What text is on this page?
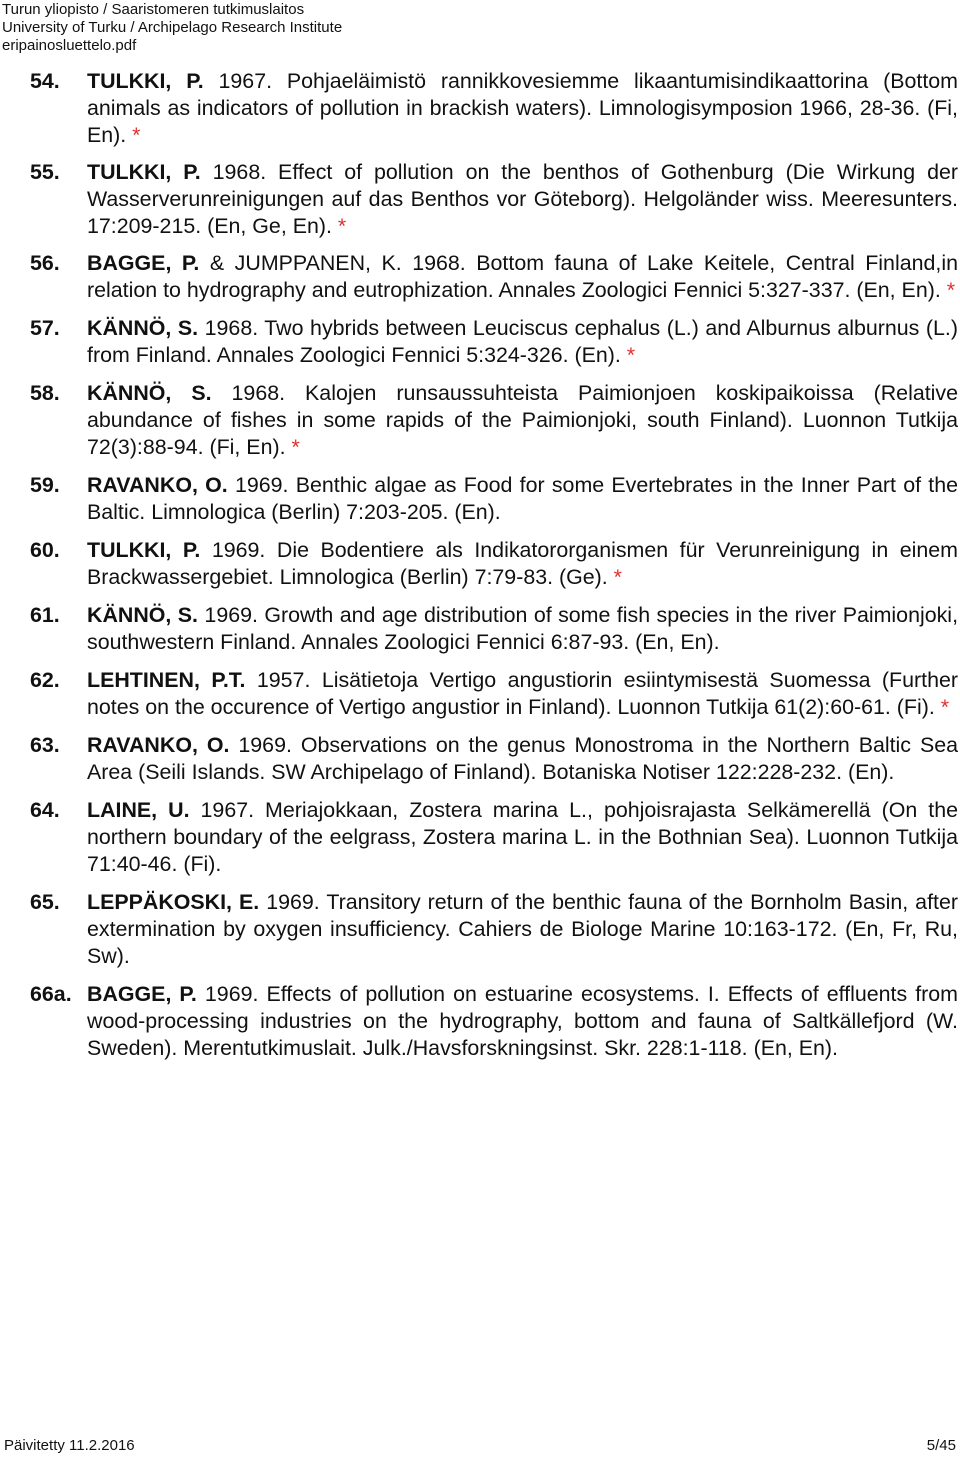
Turun yliopisto / Saaristomeren tutkimuslaitos
University of Turku / Archipelago Research Institute
eripainosluettelo.pdf
54.	TULKKI, P. 1967. Pohjaeläimistö rannikkovesiemme likaantumisindikaattorina (Bottom animals as indicators of pollution in brackish waters). Limnologisymposion 1966, 28-36. (Fi, En). *
55.	TULKKI, P. 1968. Effect of pollution on the benthos of Gothenburg (Die Wirkung der Wasserverunreinigungen auf das Benthos vor Göteborg). Helgoländer wiss. Meeresunters. 17:209-215. (En, Ge, En). *
56.	BAGGE, P. & JUMPPANEN, K. 1968. Bottom fauna of Lake Keitele, Central Finland,in relation to hydrography and eutrophization. Annales Zoologici Fennici 5:327-337. (En, En). *
57.	KÄNNÖ, S. 1968. Two hybrids between Leuciscus cephalus (L.) and Alburnus alburnus (L.) from Finland. Annales Zoologici Fennici 5:324-326. (En). *
58.	KÄNNÖ, S. 1968. Kalojen runsaussuhteista Paimionjoen koskipaikoissa (Relative abundance of fishes in some rapids of the Paimionjoki, south Finland). Luonnon Tutkija 72(3):88-94. (Fi, En). *
59.	RAVANKO, O. 1969. Benthic algae as Food for some Evertebrates in the Inner Part of the Baltic. Limnologica (Berlin) 7:203-205. (En).
60.	TULKKI, P. 1969. Die Bodentiere als Indikatororganismen für Verunreinigung in einem Brackwassergebiet. Limnologica (Berlin) 7:79-83. (Ge). *
61.	KÄNNÖ, S. 1969. Growth and age distribution of some fish species in the river Paimionjoki, southwestern Finland. Annales Zoologici Fennici 6:87-93. (En, En).
62.	LEHTINEN, P.T. 1957. Lisätietoja Vertigo angustiorin esiintymisestä Suomessa (Further notes on the occurence of Vertigo angustior in Finland). Luonnon Tutkija 61(2):60-61. (Fi). *
63.	RAVANKO, O. 1969. Observations on the genus Monostroma in the Northern Baltic Sea Area (Seili Islands. SW Archipelago of Finland). Botaniska Notiser 122:228-232. (En).
64.	LAINE, U. 1967. Meriajokkaan, Zostera marina L., pohjoisrajasta Selkämerellä (On the northern boundary of the eelgrass, Zostera marina L. in the Bothnian Sea). Luonnon Tutkija 71:40-46. (Fi).
65.	LEPPÄKOSKI, E. 1969. Transitory return of the benthic fauna of the Bornholm Basin, after extermination by oxygen insufficiency. Cahiers de Biologe Marine 10:163-172. (En, Fr, Ru, Sw).
66a. BAGGE, P. 1969. Effects of pollution on estuarine ecosystems. I. Effects of effluents from wood-processing industries on the hydrography, bottom and fauna of Saltkällefjord (W. Sweden). Merentutkimuslait. Julk./Havsforskningsinst. Skr. 228:1-118. (En, En).
Päivitetty 11.2.2016	5/45
